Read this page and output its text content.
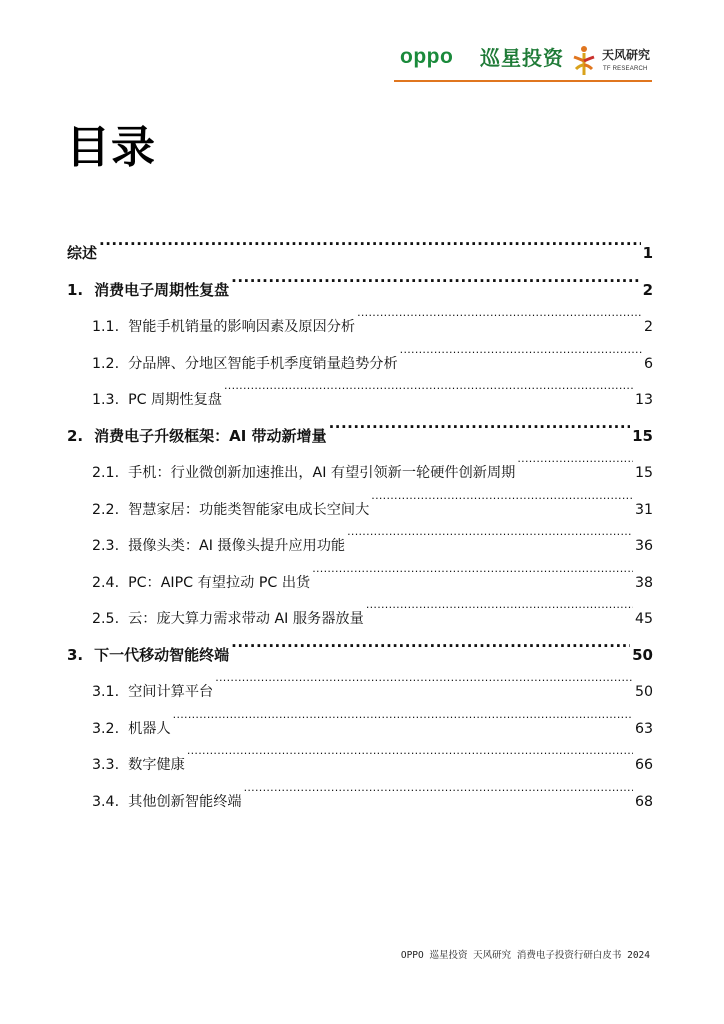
oppo 巡星投资	天风研究
TF RESEARCH
目录
综述 .....	1
1. 消费电子周期性复盘 .....	2
1.1. 智能手机销量的影响因素及原因分析 .....	2
1.2. 分品牌、分地区智能手机季度销量趋势分析 .....	6
1.3. PC 周期性复盘 .....	13
2. 消费电子升级框架：AI 带动新增量 .....	15
2.1. 手机：行业微创新加速推出，AI 有望引领新一轮硬件创新周期 .....	15
2.2. 智慧家居：功能类智能家电成长空间大 .....	31
2.3. 摄像头类：AI 摄像头提升应用功能 .....	36
2.4. PC：AIPC 有望拉动 PC 出货 .....	38
2.5. 云：庞大算力需求带动 AI 服务器放量 .....	45
3. 下一代移动智能终端 .....	50
3.1. 空间计算平台 .....	50
3.2. 机器人 .....	63
3.3. 数字健康 .....	66
3.4. 其他创新智能终端 .....	68
OPPO 巡星投资 天风研究 消费电子投资行研白皮书 2024
